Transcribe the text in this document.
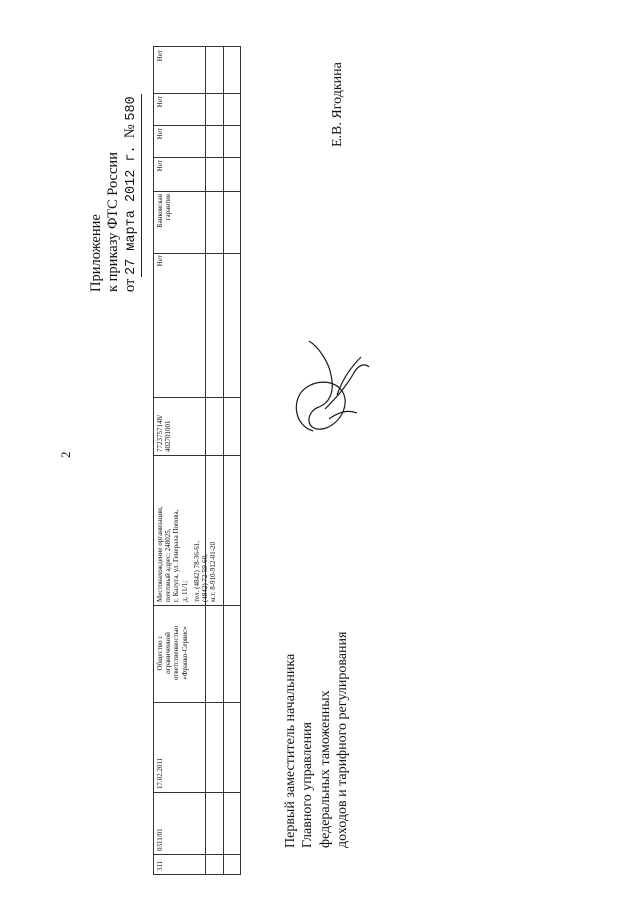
2
Приложение к приказу ФТС России от 27 марта 2012 г.  № 580
311
0311/01
17.02.2011
Общество с ограниченной ответственностью «Франко-Сервис»
Местонахождение организации, почтовый адрес: 248025, г. Калуга, ул. Генерала Попова, д. 11/1; тел. (4842) 78-36-61, (4842) 72-59-60, м.т. 8-910-912-01-20
7723757148/ 402701001
Нет
Банковская гарантия
Нет
Нет
Нет
Нет
Е.В. Ягодкина
Первый заместитель начальника Главного управления федеральных таможенных доходов и тарифного регулирования
